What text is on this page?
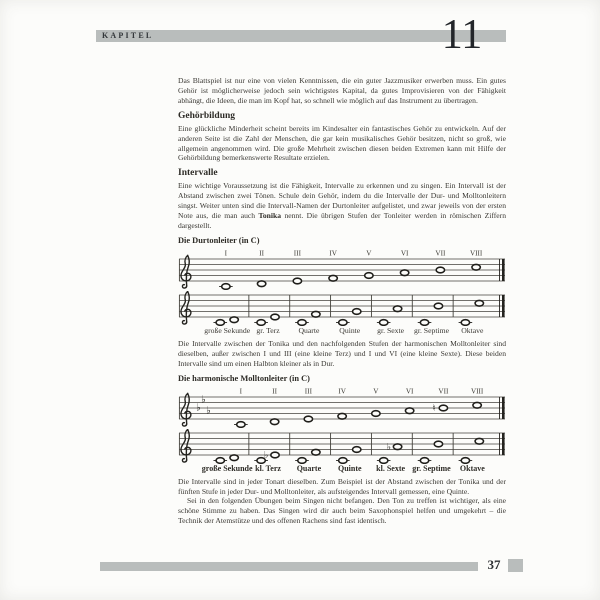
KAPITEL	11

Das Blattspiel ist nur eine von vielen Kenntnissen, die ein guter Jazzmusiker erwerben muss. Ein gutes Gehör ist möglicherweise jedoch sein wichtigstes Kapital, da gutes Improvisieren von der Fähigkeit abhängt, die Ideen, die man im Kopf hat, so schnell wie möglich auf das Instrument zu übertragen.

Gehörbildung

Eine glückliche Minderheit scheint bereits im Kindesalter ein fantastisches Gehör zu entwickeln. Auf der anderen Seite ist die Zahl der Menschen, die gar kein musikalisches Gehör besitzen, nicht so groß, wie allgemein angenommen wird. Die große Mehrheit zwischen diesen beiden Extremen kann mit Hilfe der Gehörbildung bemerkenswerte Resultate erzielen.

Intervalle

Eine wichtige Voraussetzung ist die Fähigkeit, Intervalle zu erkennen und zu singen. Ein Intervall ist der Abstand zwischen zwei Tönen. Schule dein Gehör, indem du die Intervalle der Dur- und Molltonleitern singst. Weiter unten sind die Intervall-Namen der Durtonleiter aufgelistet, und zwar jeweils von der ersten Note aus, die man auch Tonika nennt. Die übrigen Stufen der Tonleiter werden in römischen Ziffern dargestellt.

Die Durtonleiter (in C)
I	II	III	IV	V	VI	VII	VIII
große Sekunde gr. Terz Quarte	Quinte gr. Sexte gr. Septime Oktave

Die Intervalle zwischen der Tonika und den nachfolgenden Stufen der harmonischen Molltonleiter sind dieselben, außer zwischen I und III (eine kleine Terz) und I und VI (eine kleine Sexte). Diese beiden Intervalle sind um einen Halbton kleiner als in Dur.

Die harmonische Molltonleiter (in C)
♭
♭
♭
I	II	III	IV	V	VI
♮
VII	VIII
♭
♭
große Sekunde kl. Terz Quarte Quinte kl. Sexte gr. Septime Oktave

Die Intervalle sind in jeder Tonart dieselben. Zum Beispiel ist der Abstand zwischen der Tonika und der fünften Stufe in jeder Dur- und Molltonleiter, als aufsteigendes Intervall gemessen, eine Quinte.

Sei in den folgenden Übungen beim Singen nicht befangen. Den Ton zu treffen ist wichtiger, als eine schöne Stimme zu haben. Das Singen wird dir auch beim Saxophonspiel helfen und umgekehrt – die Technik der Atemstütze und des offenen Rachens sind fast identisch.

37
